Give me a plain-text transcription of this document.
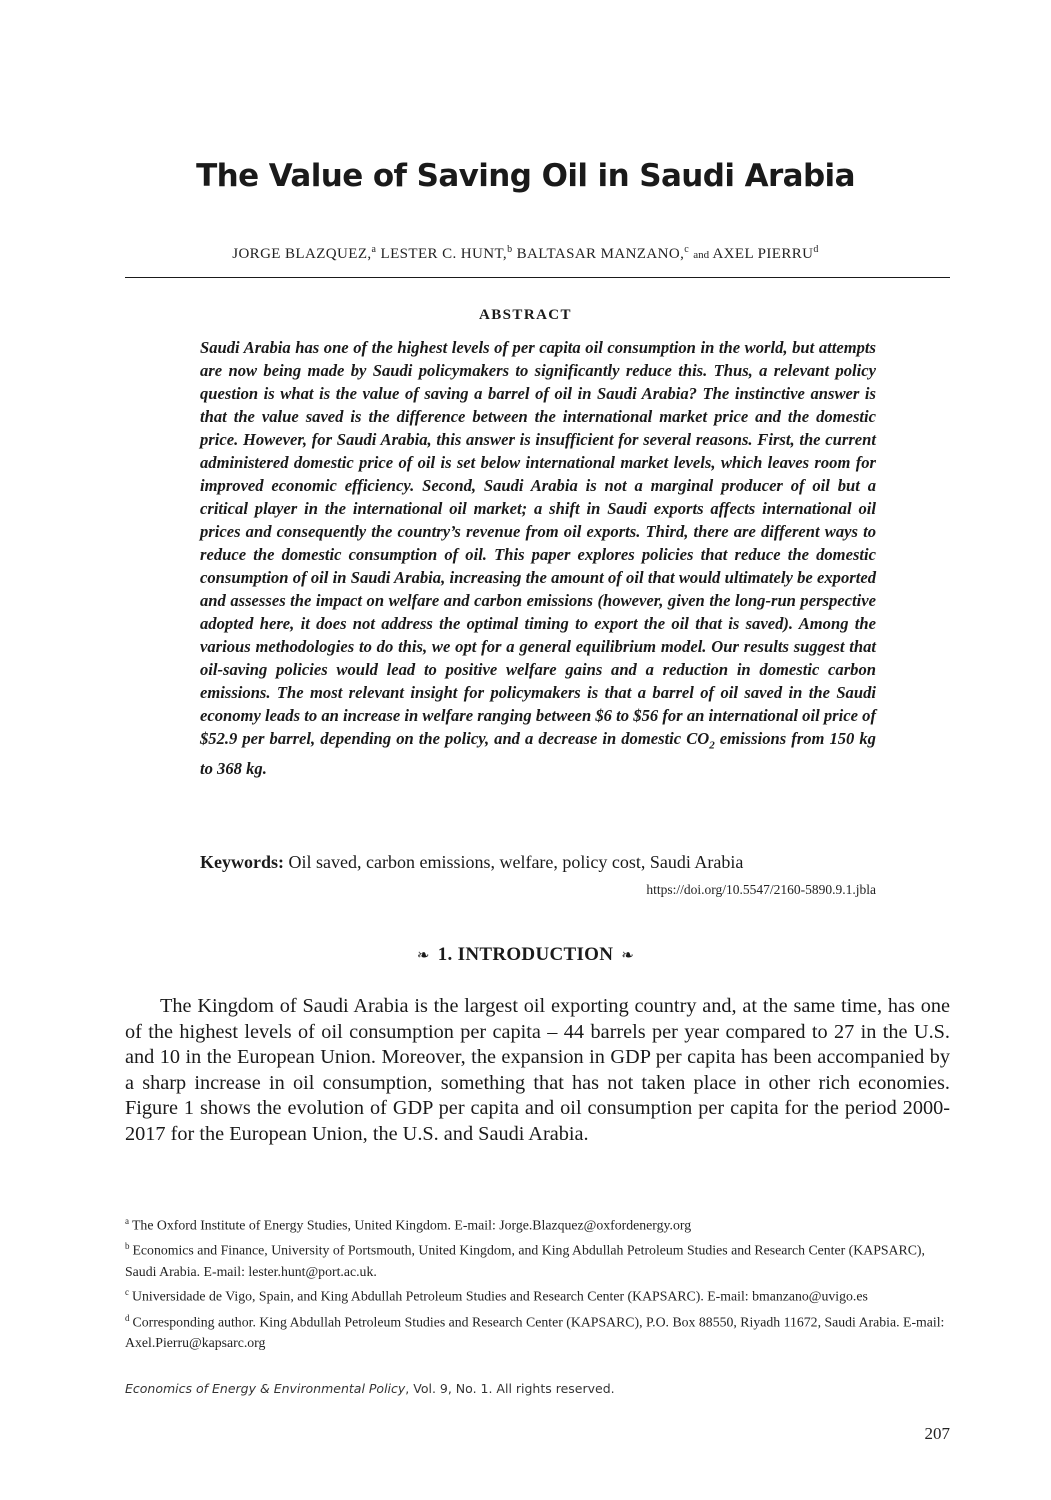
The Value of Saving Oil in Saudi Arabia
JORGE BLAZQUEZ,$^a$ LESTER C. HUNT,$^b$ BALTASAR MANZANO,$^c$ and AXEL PIERRU$^d$
ABSTRACT
Saudi Arabia has one of the highest levels of per capita oil consumption in the world, but attempts are now being made by Saudi policymakers to significantly reduce this. Thus, a relevant policy question is what is the value of saving a barrel of oil in Saudi Arabia? The instinctive answer is that the value saved is the difference between the international market price and the domestic price. However, for Saudi Arabia, this answer is insufficient for several reasons. First, the current administered domestic price of oil is set below international market levels, which leaves room for improved economic efficiency. Second, Saudi Arabia is not a marginal producer of oil but a critical player in the international oil market; a shift in Saudi exports affects international oil prices and consequently the country’s revenue from oil exports. Third, there are different ways to reduce the domestic consumption of oil. This paper explores policies that reduce the domestic consumption of oil in Saudi Arabia, increasing the amount of oil that would ultimately be exported and assesses the impact on welfare and carbon emissions (however, given the long-run perspective adopted here, it does not address the optimal timing to export the oil that is saved). Among the various methodologies to do this, we opt for a general equilibrium model. Our results suggest that oil-saving policies would lead to positive welfare gains and a reduction in domestic carbon emissions. The most relevant insight for policymakers is that a barrel of oil saved in the Saudi economy leads to an increase in welfare ranging between $6 to $56 for an international oil price of $52.9 per barrel, depending on the policy, and a decrease in domestic $CO_2$ emissions from 150 kg to 368 kg.
Keywords: Oil saved, carbon emissions, welfare, policy cost, Saudi Arabia
https://doi.org/10.5547/2160-5890.9.1.jbla
❧ 1. INTRODUCTION ❧
The Kingdom of Saudi Arabia is the largest oil exporting country and, at the same time, has one of the highest levels of oil consumption per capita – 44 barrels per year compared to 27 in the U.S. and 10 in the European Union. Moreover, the expansion in GDP per capita has been accompanied by a sharp increase in oil consumption, something that has not taken place in other rich economies. Figure 1 shows the evolution of GDP per capita and oil consumption per capita for the period 2000-2017 for the European Union, the U.S. and Saudi Arabia.

$^a$ The Oxford Institute of Energy Studies, United Kingdom. E-mail: Jorge.Blazquez@oxfordenergy.org

$^b$ Economics and Finance, University of Portsmouth, United Kingdom, and King Abdullah Petroleum Studies and Research Center (KAPSARC), Saudi Arabia. E-mail: lester.hunt@port.ac.uk.

$^c$ Universidade de Vigo, Spain, and King Abdullah Petroleum Studies and Research Center (KAPSARC). E-mail: bmanzano@uvigo.es

$^d$ Corresponding author. King Abdullah Petroleum Studies and Research Center (KAPSARC), P.O. Box 88550, Riyadh 11672, Saudi Arabia. E-mail: Axel.Pierru@kapsarc.org

Economics of Energy & Environmental Policy, Vol. 9, No. 1. All rights reserved.
207
